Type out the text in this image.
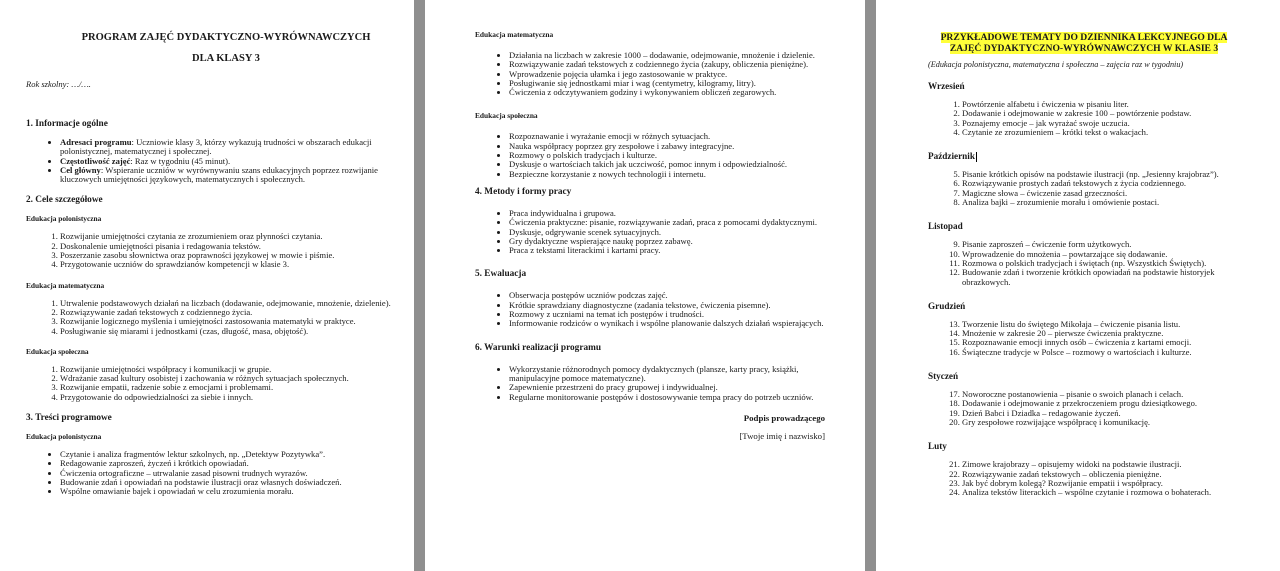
PROGRAM ZAJĘĆ DYDAKTYCZNO-WYRÓWNAWCZYCH
DLA KLASY 3
Rok szkolny: …/….
1. Informacje ogólne
• Adresaci programu: Uczniowie klasy 3, którzy wykazują trudności w obszarach edukacji polonistycznej, matematycznej i społecznej.
• Częstotliwość zajęć: Raz w tygodniu (45 minut).
• Cel główny: Wspieranie uczniów w wyrównywaniu szans edukacyjnych poprzez rozwijanie kluczowych umiejętności językowych, matematycznych i społecznych.
2. Cele szczegółowe
Edukacja polonistyczna
1. Rozwijanie umiejętności czytania ze zrozumieniem oraz płynności czytania.
2. Doskonalenie umiejętności pisania i redagowania tekstów.
3. Poszerzanie zasobu słownictwa oraz poprawności językowej w mowie i piśmie.
4. Przygotowanie uczniów do sprawdzianów kompetencji w klasie 3.
Edukacja matematyczna
1. Utrwalenie podstawowych działań na liczbach (dodawanie, odejmowanie, mnożenie, dzielenie).
2. Rozwiązywanie zadań tekstowych z codziennego życia.
3. Rozwijanie logicznego myślenia i umiejętności zastosowania matematyki w praktyce.
4. Posługiwanie się miarami i jednostkami (czas, długość, masa, objętość).
Edukacja społeczna
1. Rozwijanie umiejętności współpracy i komunikacji w grupie.
2. Wdrażanie zasad kultury osobistej i zachowania w różnych sytuacjach społecznych.
3. Rozwijanie empatii, radzenie sobie z emocjami i problemami.
4. Przygotowanie do odpowiedzialności za siebie i innych.
3. Treści programowe
Edukacja polonistyczna
• Czytanie i analiza fragmentów lektur szkolnych, np. „Detektyw Pozytywka”.
• Redagowanie zaproszeń, życzeń i krótkich opowiadań.
• Ćwiczenia ortograficzne – utrwalanie zasad pisowni trudnych wyrazów.
• Budowanie zdań i opowiadań na podstawie ilustracji oraz własnych doświadczeń.
• Wspólne omawianie bajek i opowiadań w celu zrozumienia morału.
Edukacja matematyczna
• Działania na liczbach w zakresie 1000 – dodawanie, odejmowanie, mnożenie i dzielenie.
• Rozwiązywanie zadań tekstowych z codziennego życia (zakupy, obliczenia pieniężne).
• Wprowadzenie pojęcia ułamka i jego zastosowanie w praktyce.
• Posługiwanie się jednostkami miar i wag (centymetry, kilogramy, litry).
• Ćwiczenia z odczytywaniem godziny i wykonywaniem obliczeń zegarowych.
Edukacja społeczna
• Rozpoznawanie i wyrażanie emocji w różnych sytuacjach.
• Nauka współpracy poprzez gry zespołowe i zabawy integracyjne.
• Rozmowy o polskich tradycjach i kulturze.
• Dyskusje o wartościach takich jak uczciwość, pomoc innym i odpowiedzialność.
• Bezpieczne korzystanie z nowych technologii i internetu.
4. Metody i formy pracy
• Praca indywidualna i grupowa.
• Ćwiczenia praktyczne: pisanie, rozwiązywanie zadań, praca z pomocami dydaktycznymi.
• Dyskusje, odgrywanie scenek sytuacyjnych.
• Gry dydaktyczne wspierające naukę poprzez zabawę.
• Praca z tekstami literackimi i kartami pracy.
5. Ewaluacja
• Obserwacja postępów uczniów podczas zajęć.
• Krótkie sprawdziany diagnostyczne (zadania tekstowe, ćwiczenia pisemne).
• Rozmowy z uczniami na temat ich postępów i trudności.
• Informowanie rodziców o wynikach i wspólne planowanie dalszych działań wspierających.
6. Warunki realizacji programu
• Wykorzystanie różnorodnych pomocy dydaktycznych (plansze, karty pracy, książki, manipulacyjne pomoce matematyczne).
• Zapewnienie przestrzeni do pracy grupowej i indywidualnej.
• Regularne monitorowanie postępów i dostosowywanie tempa pracy do potrzeb uczniów.
Podpis prowadzącego
[Twoje imię i nazwisko]
PRZYKŁADOWE TEMATY DO DZIENNIKA LEKCYJNEGO DLA
ZAJĘĆ DYDAKTYCZNO-WYRÓWNAWCZYCH W KLASIE 3
(Edukacja polonistyczna, matematyczna i społeczna – zajęcia raz w tygodniu)
Wrzesień
1. Powtórzenie alfabetu i ćwiczenia w pisaniu liter.
2. Dodawanie i odejmowanie w zakresie 100 – powtórzenie podstaw.
3. Poznajemy emocje – jak wyrażać swoje uczucia.
4. Czytanie ze zrozumieniem – krótki tekst o wakacjach.
Październik
5. Pisanie krótkich opisów na podstawie ilustracji (np. „Jesienny krajobraz”).
6. Rozwiązywanie prostych zadań tekstowych z życia codziennego.
7. Magiczne słowa – ćwiczenie zasad grzeczności.
8. Analiza bajki – zrozumienie morału i omówienie postaci.
Listopad
9. Pisanie zaproszeń – ćwiczenie form użytkowych.
10. Wprowadzenie do mnożenia – powtarzające się dodawanie.
11. Rozmowa o polskich tradycjach i świętach (np. Wszystkich Świętych).
12. Budowanie zdań i tworzenie krótkich opowiadań na podstawie historyjek obrazkowych.
Grudzień
13. Tworzenie listu do świętego Mikołaja – ćwiczenie pisania listu.
14. Mnożenie w zakresie 20 – pierwsze ćwiczenia praktyczne.
15. Rozpoznawanie emocji innych osób – ćwiczenia z kartami emocji.
16. Świąteczne tradycje w Polsce – rozmowy o wartościach i kulturze.
Styczeń
17. Noworoczne postanowienia – pisanie o swoich planach i celach.
18. Dodawanie i odejmowanie z przekroczeniem progu dziesiątkowego.
19. Dzień Babci i Dziadka – redagowanie życzeń.
20. Gry zespołowe rozwijające współpracę i komunikację.
Luty
21. Zimowe krajobrazy – opisujemy widoki na podstawie ilustracji.
22. Rozwiązywanie zadań tekstowych – obliczenia pieniężne.
23. Jak być dobrym kolegą? Rozwijanie empatii i współpracy.
24. Analiza tekstów literackich – wspólne czytanie i rozmowa o bohaterach.
